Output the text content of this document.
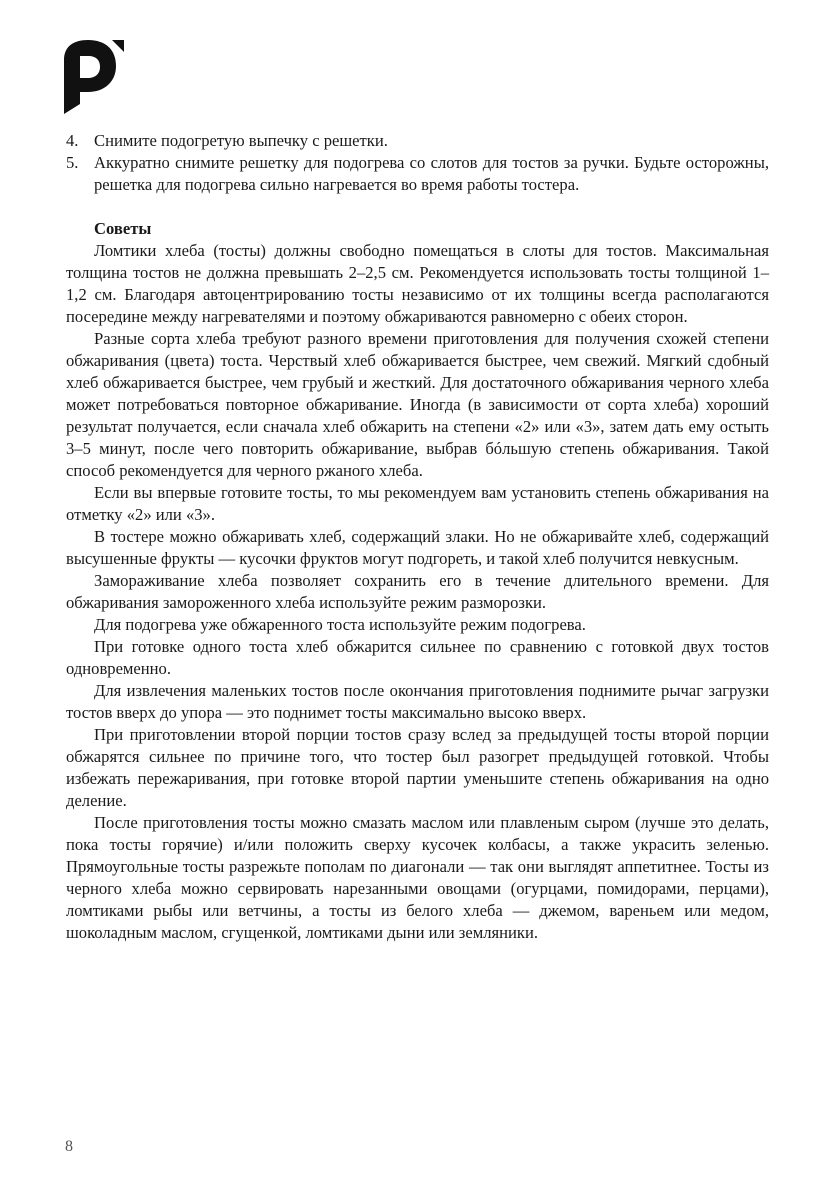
4. Снимите подогретую выпечку с решетки.
5. Аккуратно снимите решетку для подогрева со слотов для тостов за ручки. Будьте осторожны, решетка для подогрева сильно нагревается во время работы тостера.
Советы

Ломтики хлеба (тосты) должны свободно помещаться в слоты для тостов. Максимальная толщина тостов не должна превышать 2–2,5 см. Рекомендуется использовать тосты толщиной 1–1,2 см. Благодаря автоцентрированию тосты независимо от их толщины всегда располагаются посередине между нагревателями и поэтому обжариваются равномерно с обеих сторон.

Разные сорта хлеба требуют разного времени приготовления для получения схожей степени обжаривания (цвета) тоста. Черствый хлеб обжаривается быстрее, чем свежий. Мягкий сдобный хлеб обжаривается быстрее, чем грубый и жесткий. Для достаточного обжаривания черного хлеба может потребоваться повторное обжаривание. Иногда (в зависимости от сорта хлеба) хороший результат получается, если сначала хлеб обжарить на степени «2» или «3», затем дать ему остыть 3–5 минут, после чего повторить обжаривание, выбрав бóльшую степень обжаривания. Такой способ рекомендуется для черного ржаного хлеба.

Если вы впервые готовите тосты, то мы рекомендуем вам установить степень обжаривания на отметку «2» или «3».

В тостере можно обжаривать хлеб, содержащий злаки. Но не обжаривайте хлеб, содержащий высушенные фрукты — кусочки фруктов могут подгореть, и такой хлеб получится невкусным.

Замораживание хлеба позволяет сохранить его в течение длительного времени. Для обжаривания замороженного хлеба используйте режим разморозки.

Для подогрева уже обжаренного тоста используйте режим подогрева.

При готовке одного тоста хлеб обжарится сильнее по сравнению с готовкой двух тостов одновременно.

Для извлечения маленьких тостов после окончания приготовления поднимите рычаг загрузки тостов вверх до упора — это поднимет тосты максимально высоко вверх.

При приготовлении второй порции тостов сразу вслед за предыдущей тосты второй порции обжарятся сильнее по причине того, что тостер был разогрет предыдущей готовкой. Чтобы избежать пережаривания, при готовке второй партии уменьшите степень обжаривания на одно деление.

После приготовления тосты можно смазать маслом или плавленым сыром (лучше это делать, пока тосты горячие) и/или положить сверху кусочек колбасы, а также украсить зеленью. Прямоугольные тосты разрежьте пополам по диагонали — так они выглядят аппетитнее. Тосты из черного хлеба можно сервировать нарезанными овощами (огурцами, помидорами, перцами), ломтиками рыбы или ветчины, а тосты из белого хлеба — джемом, вареньем или медом, шоколадным маслом, сгущенкой, ломтиками дыни или земляники.

8
